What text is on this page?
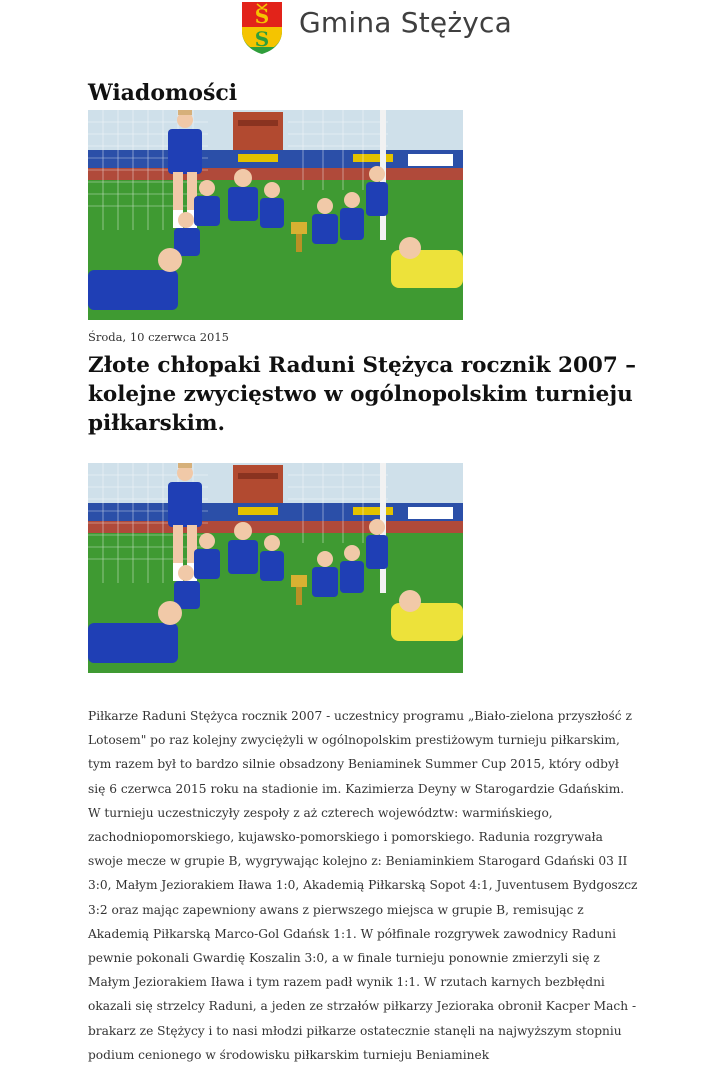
S
S Gmina Stężyca
Wiadomości
Środa, 10 czerwca 2015
Złote chłopaki Raduni Stężyca rocznik 2007 – kolejne zwycięstwo w ogólnopolskim turnieju piłkarskim.

Piłkarze Raduni Stężyca rocznik 2007 - uczestnicy programu „Biało-zielona przyszłość z Lotosem" po raz kolejny zwyciężyli w ogólnopolskim prestiżowym turnieju piłkarskim, tym razem był to bardzo silnie obsadzony Beniaminek Summer Cup 2015, który odbył się 6 czerwca 2015 roku na stadionie im. Kazimierza Deyny w Starogardzie Gdańskim. W turnieju uczestniczyły zespoły z aż czterech województw: warmińskiego, zachodniopomorskiego, kujawsko-pomorskiego i pomorskiego. Radunia rozgrywała swoje mecze w grupie B, wygrywając kolejno z: Beniaminkiem Starogard Gdański 03 II 3:0, Małym Jeziorakiem Iława 1:0, Akademią Piłkarską Sopot 4:1, Juventusem Bydgoszcz 3:2 oraz mając zapewniony awans z pierwszego miejsca w grupie B, remisując z Akademią Piłkarską Marco-Gol Gdańsk 1:1. W półfinale rozgrywek zawodnicy Raduni pewnie pokonali Gwardię Koszalin 3:0, a w finale turnieju ponownie zmierzyli się z Małym Jeziorakiem Iława i tym razem padł wynik 1:1. W rzutach karnych bezbłędni okazali się strzelcy Raduni, a jeden ze strzałów piłkarzy Jezioraka obronił Kacper Mach - brakarz ze Stężycy i to nasi młodzi piłkarze ostatecznie stanęli na najwyższym stopniu podium cenionego w środowisku piłkarskim turnieju Beniaminek
